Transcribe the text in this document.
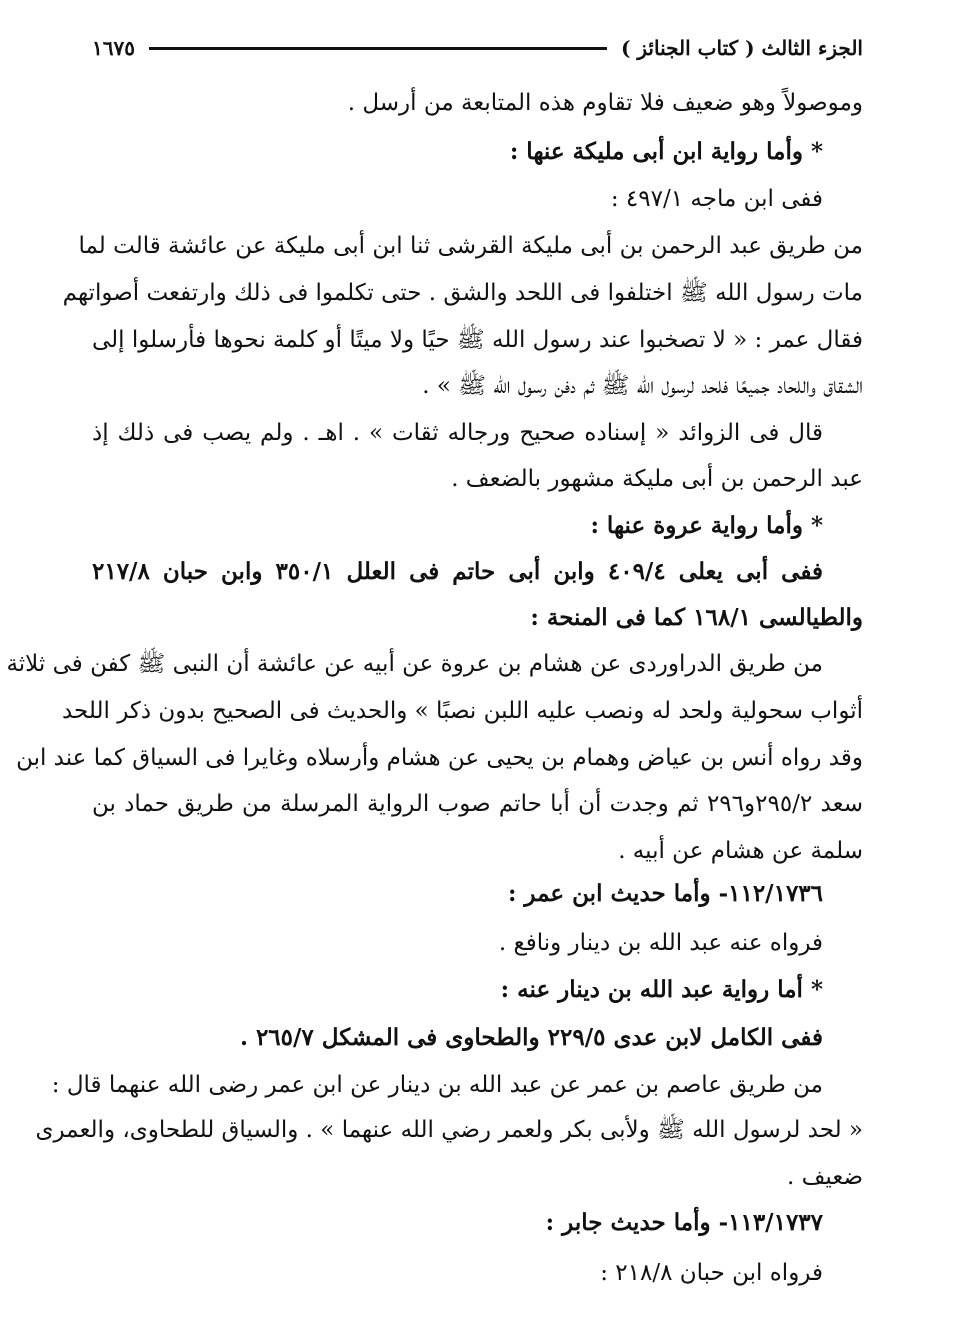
الجزء الثالث ( كتاب الجنائز )
١٦٧٥
وموصولاً وهو ضعيف فلا تقاوم هذه المتابعة من أرسل .
* وأما رواية ابن أبى مليكة عنها :
ففى ابن ماجه ٤٩٧/١ :
من طريق عبد الرحمن بن أبى مليكة القرشى ثنا ابن أبى مليكة عن عائشة قالت لما
مات رسول الله ﷺ اختلفوا فى اللحد والشق . حتى تكلموا فى ذلك وارتفعت أصواتهم
فقال عمر : « لا تصخبوا عند رسول الله ﷺ حيًا ولا ميتًا أو كلمة نحوها فأرسلوا إلى
الشقاق واللحاد جميعًا فلحد لرسول الله ﷺ ثم دفن رسول الله ﷺ » .
قال فى الزوائد « إسناده صحيح ورجاله ثقات » . اهـ . ولم يصب فى ذلك إذ
عبد الرحمن بن أبى مليكة مشهور بالضعف .
* وأما رواية عروة عنها :
ففى أبى يعلى ٤٠٩/٤ وابن أبى حاتم فى العلل ٣٥٠/١ وابن حبان ٢١٧/٨
والطيالسى ١٦٨/١ كما فى المنحة :
من طريق الدراوردى عن هشام بن عروة عن أبيه عن عائشة أن النبى ﷺ كفن فى ثلاثة
أثواب سحولية ولحد له ونصب عليه اللبن نصبًا » والحديث فى الصحيح بدون ذكر اللحد
وقد رواه أنس بن عياض وهمام بن يحيى عن هشام وأرسلاه وغايرا فى السياق كما عند ابن
سعد ٢٩٥/٢و٢٩٦ ثم وجدت أن أبا حاتم صوب الرواية المرسلة من طريق حماد بن
سلمة عن هشام عن أبيه .
١١٢/١٧٣٦- وأما حديث ابن عمر :
فرواه عنه عبد الله بن دينار ونافع .
* أما رواية عبد الله بن دينار عنه :
ففى الكامل لابن عدى ٢٢٩/٥ والطحاوى فى المشكل ٢٦٥/٧ .
من طريق عاصم بن عمر عن عبد الله بن دينار عن ابن عمر رضى الله عنهما قال :
« لحد لرسول الله ﷺ ولأبى بكر ولعمر رضي الله عنهما » . والسياق للطحاوى، والعمرى
ضعيف .
١١٣/١٧٣٧- وأما حديث جابر :
فرواه ابن حبان ٢١٨/٨ :
